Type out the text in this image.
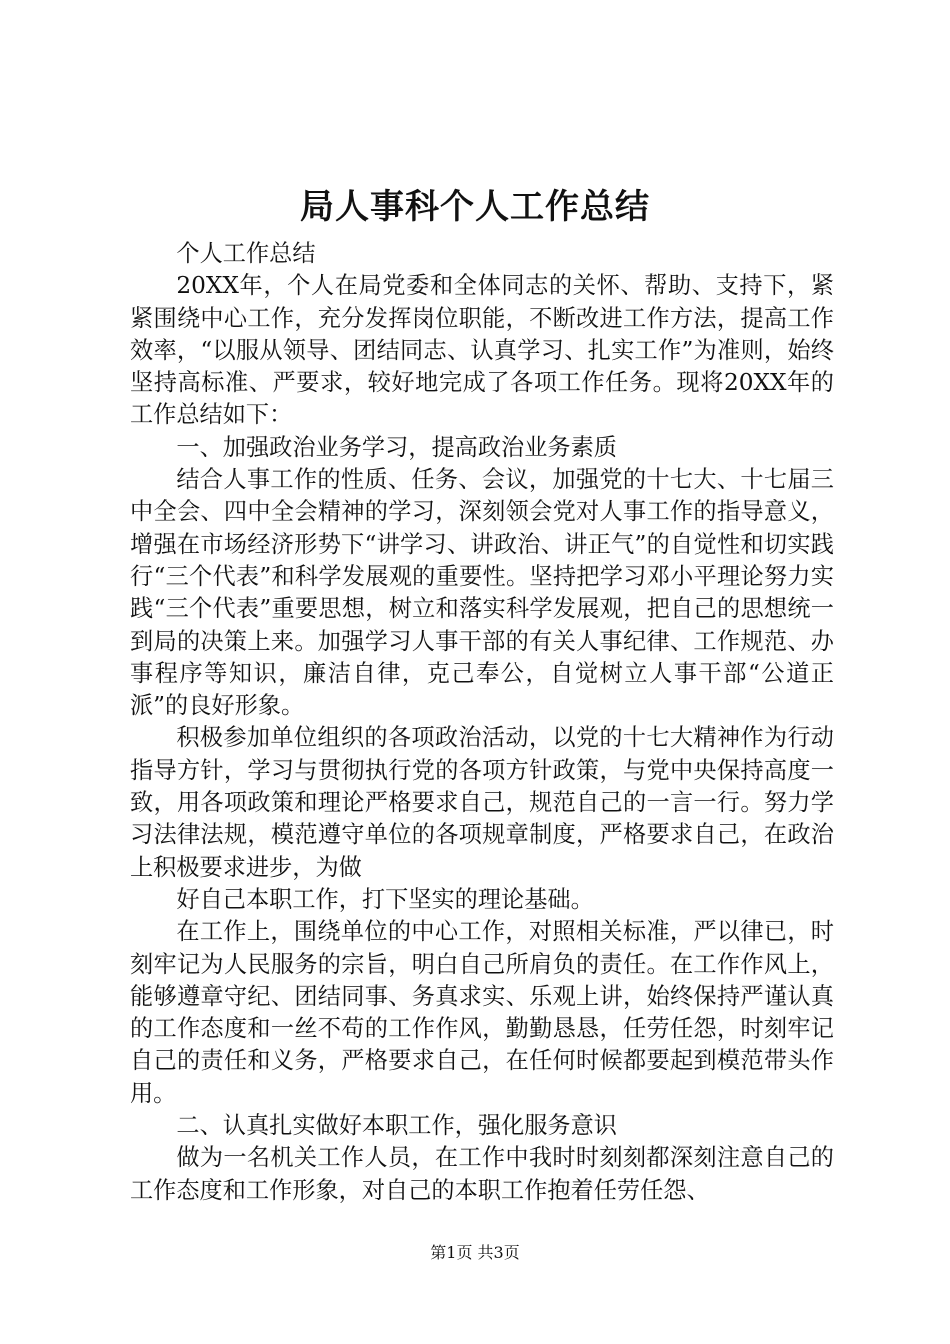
局人事科个人工作总结

个人工作总结

20XX年，个人在局党委和全体同志的关怀、帮助、支持下，紧紧围绕中心工作，充分发挥岗位职能，不断改进工作方法，提高工作效率，“以服从领导、团结同志、认真学习、扎实工作”为准则，始终坚持高标准、严要求，较好地完成了各项工作任务。现将20XX年的工作总结如下：

一、加强政治业务学习，提高政治业务素质

结合人事工作的性质、任务、会议，加强党的十七大、十七届三中全会、四中全会精神的学习，深刻领会党对人事工作的指导意义，增强在市场经济形势下“讲学习、讲政治、讲正气”的自觉性和切实践行“三个代表”和科学发展观的重要性。坚持把学习邓小平理论努力实践“三个代表”重要思想，树立和落实科学发展观，把自己的思想统一到局的决策上来。加强学习人事干部的有关人事纪律、工作规范、办事程序等知识，廉洁自律，克己奉公，自觉树立人事干部“公道正派”的良好形象。

积极参加单位组织的各项政治活动，以党的十七大精神作为行动指导方针，学习与贯彻执行党的各项方针政策，与党中央保持高度一致，用各项政策和理论严格要求自己，规范自己的一言一行。努力学习法律法规，模范遵守单位的各项规章制度，严格要求自己，在政治上积极要求进步，为做

好自己本职工作，打下坚实的理论基础。

在工作上，围绕单位的中心工作，对照相关标准，严以律已，时刻牢记为人民服务的宗旨，明白自己所肩负的责任。在工作作风上，能够遵章守纪、团结同事、务真求实、乐观上讲，始终保持严谨认真的工作态度和一丝不苟的工作作风，勤勤恳恳，任劳任怨，时刻牢记自己的责任和义务，严格要求自己，在任何时候都要起到模范带头作用。

二、认真扎实做好本职工作，强化服务意识

做为一名机关工作人员，在工作中我时时刻刻都深刻注意自己的工作态度和工作形象，对自己的本职工作抱着任劳任怨、

第1页 共3页
